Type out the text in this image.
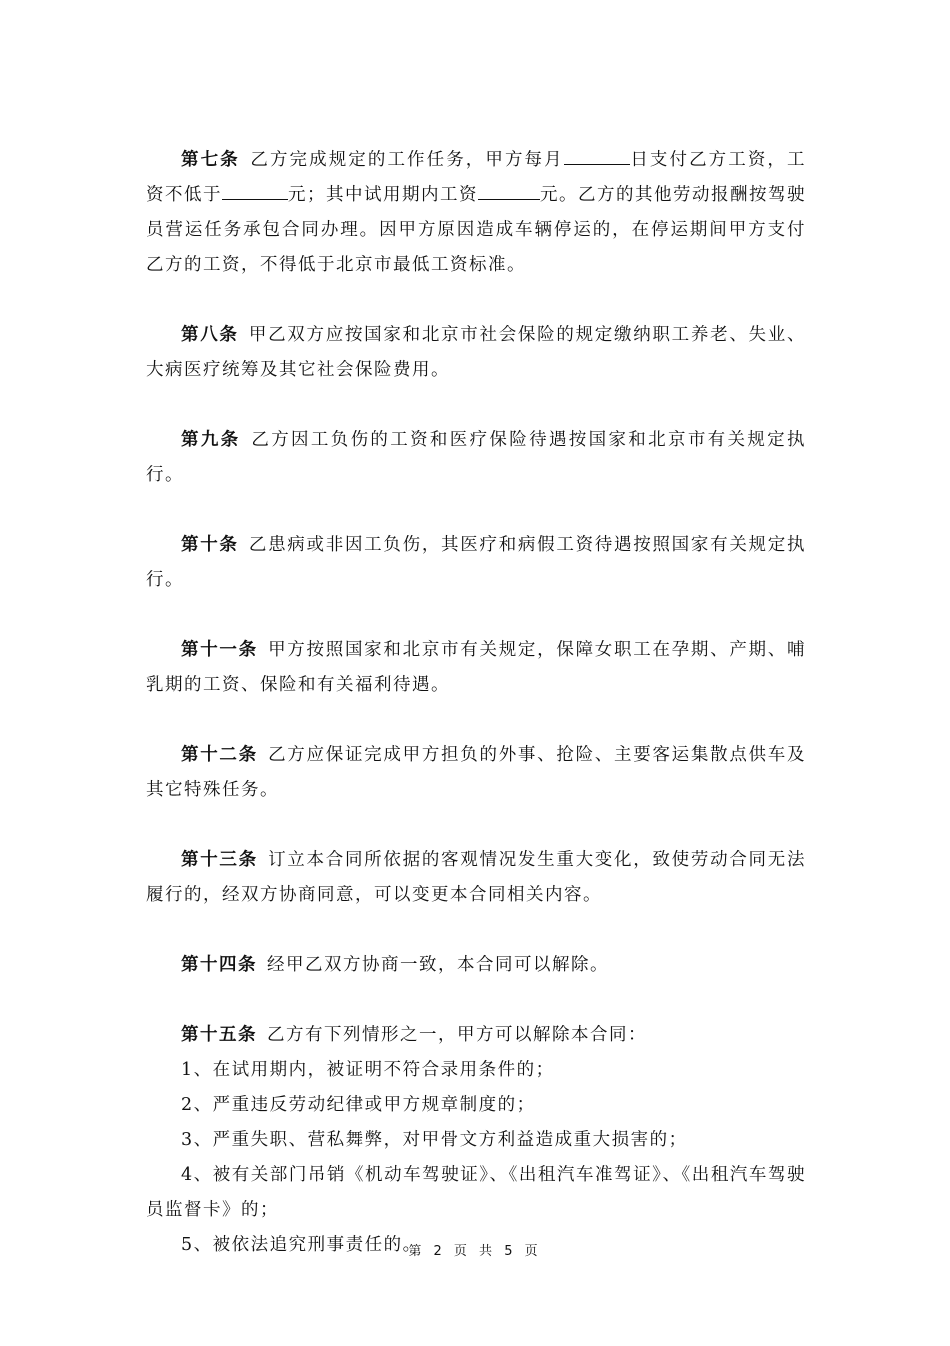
第七条 乙方完成规定的工作任务，甲方每月	日支付乙方工资，工资不低于	元；其中试用期内工资	元。乙方的其他劳动报酬按驾驶员营运任务承包合同办理。因甲方原因造成车辆停运的，在停运期间甲方支付乙方的工资，不得低于北京市最低工资标准。

第八条 甲乙双方应按国家和北京市社会保险的规定缴纳职工养老、失业、大病医疗统筹及其它社会保险费用。

第九条 乙方因工负伤的工资和医疗保险待遇按国家和北京市有关规定执行。

第十条 乙患病或非因工负伤，其医疗和病假工资待遇按照国家有关规定执行。

第十一条 甲方按照国家和北京市有关规定，保障女职工在孕期、产期、哺乳期的工资、保险和有关福利待遇。

第十二条 乙方应保证完成甲方担负的外事、抢险、主要客运集散点供车及其它特殊任务。

第十三条 订立本合同所依据的客观情况发生重大变化，致使劳动合同无法履行的，经双方协商同意，可以变更本合同相关内容。

第十四条 经甲乙双方协商一致，本合同可以解除。

第十五条 乙方有下列情形之一，甲方可以解除本合同：

1、在试用期内，被证明不符合录用条件的；

2、严重违反劳动纪律或甲方规章制度的；

3、严重失职、营私舞弊，对甲骨文方利益造成重大损害的；

4、被有关部门吊销《机动车驾驶证》、《出租汽车准驾证》、《出租汽车驾驶员监督卡》的；

5、被依法追究刑事责任的。

第 2 页 共 5 页
